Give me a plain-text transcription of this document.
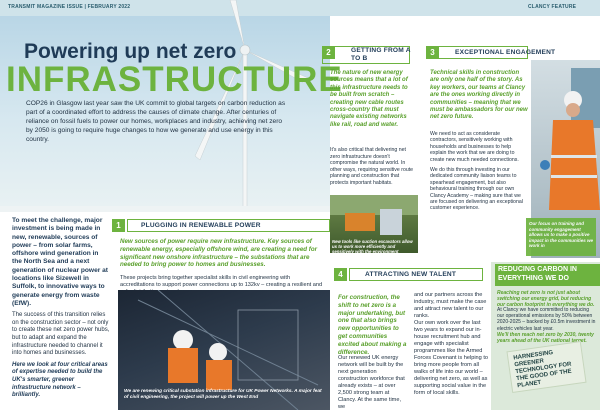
TRANSMIT MAGAZINE ISSUE | FEBRUARY 2022	CLANCY FEATURE
Powering up net zero
INFRASTRUCTURE

COP26 in Glasgow last year saw the UK commit to global targets on carbon reduction as part of a coordinated effort to address the causes of climate change. After centuries of reliance on fossil fuels to power our homes, workplaces and industry, achieving net zero by 2050 is going to require huge changes to how we generate and use energy in this country.

To meet the challenge, major investment is being made in new, renewable, sources of power – from solar farms, offshore wind generation in the North Sea and a next generation of nuclear power at locations like Sizewell in Suffolk, to innovative ways to generate energy from waste (EfW).

The success of this transition relies on the construction sector – not only to create these net zero power hubs, but to adapt and expand the infrastructure needed to channel it into homes and businesses.

Here we look at four critical areas of expertise needed to build the UK's smarter, greener infrastructure network – brilliantly.

1	PLUGGING IN RENEWABLE POWER

New sources of power require new infrastructure. Key sources of renewable energy, especially offshore wind, are creating a need for significant new onshore infrastructure – the substations that are needed to bring power to homes and businesses.

These projects bring together specialist skills in civil engineering with accreditations to support power connections up to 132kv – creating a resilient and

We are renewing critical substation infrastructure for UK Power Networks. A major feat of civil engineering, the project will power up the West End

2	GETTING FROM A TO B

The nature of new energy sources means that a lot of this infrastructure needs to be built from scratch – creating new cable routes cross-country that must navigate existing networks like rail, road and water.

It's also critical that delivering net zero infrastructure doesn't compromise the natural world. In other ways, requiring sensitive route planning and construction that protects important habitats.

New tools like suction excavators allow us to work more efficiently and sensitively with the environment

3	EXCEPTIONAL ENGAGEMENT

Technical skills in construction are only one half of the story. As key workers, our teams at Clancy are the ones working directly in communities – meaning that we must be ambassadors for our new net zero future.

We need to act as considerate contractors, sensitively working with households and businesses to help explain the work that we are doing to create new much needed connections.

We do this through investing in our dedicated community liaison teams to spearhead engagement, but also behavioural training through our own Clancy Academy – making sure that we are focused on delivering an exceptional customer experience.

Our focus on training and community engagement allows us to make a positive impact in the communities we work in

4	ATTRACTING NEW TALENT

For construction, the shift to net zero is a major undertaking, but one that also brings new opportunities to get communities excited about making a difference.

Our renewed UK energy network will be built by the next generation construction workforce that already exists – at over 2,500 strong team at Clancy. At the same time, we

and our partners across the industry, must make the case and attract new talent to our ranks.

Our own work over the last two years to expand our in-house recruitment hub and engage with specialist programmes like the Armed Forces Covenant is helping to bring more people from all walks of life into our world – delivering net zero, as well as supporting social value in the form of local skills.

REDUCING CARBON IN EVERYTHING WE DO

Reaching net zero is not just about switching our energy grid, but reducing our carbon footprint in everything we do.

At Clancy we have committed to reducing our operational emissions by 50% between 2020-2025 – backed by £0.5m investment in electric vehicles last year.

We'll then reach net zero by 2030, twenty years ahead of the UK national target.

HARNESSING GREENER TECHNOLOGY FOR THE GOOD OF THE PLANET
